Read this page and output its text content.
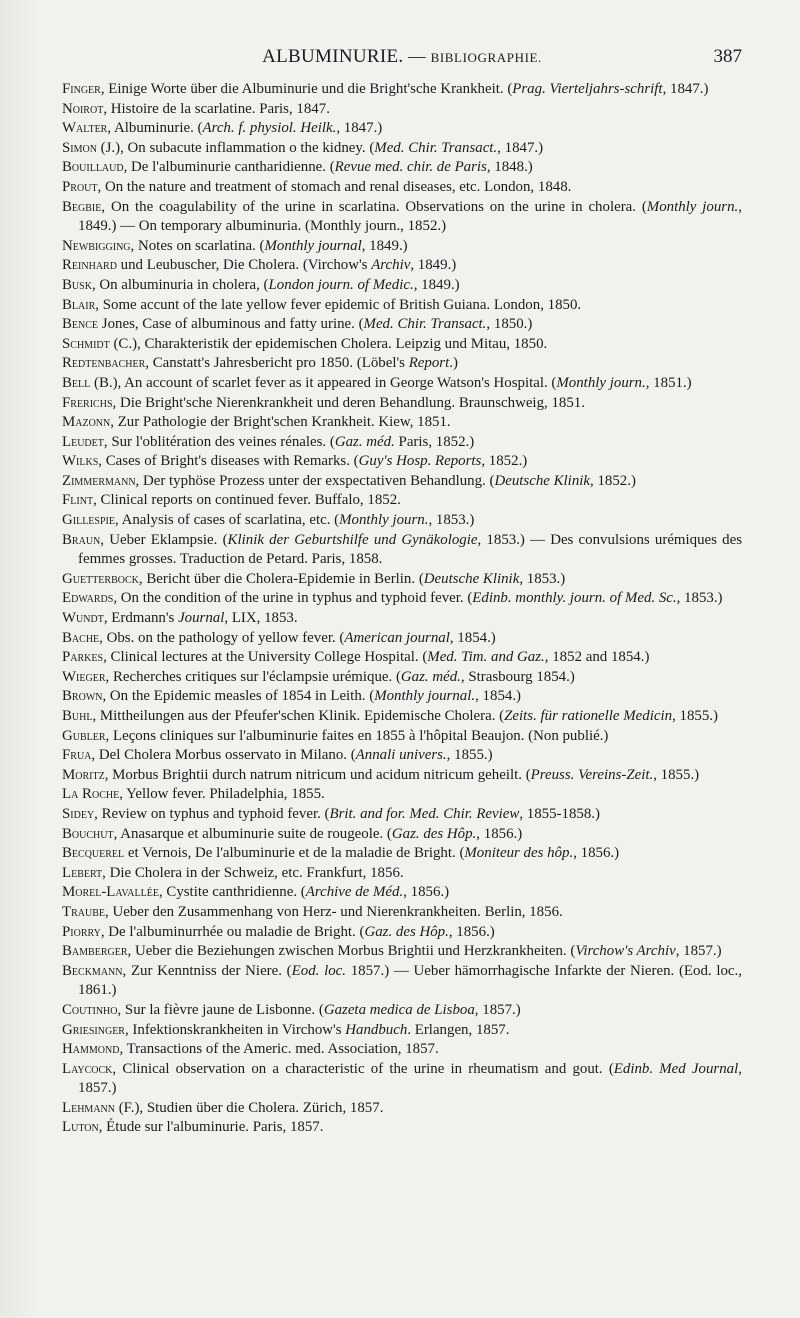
ALBUMINURIE. — BIBLIOGRAPHIE.	387
Finger, Einige Worte über die Albuminurie und die Bright'sche Krankheit. (Prag. Vierteljahrs-schrift, 1847.)
Noirot, Histoire de la scarlatine. Paris, 1847.
Walter, Albuminurie. (Arch. f. physiol. Heilk., 1847.)
Simon (J.), On subacute inflammation o the kidney. (Med. Chir. Transact., 1847.)
Bouillaud, De l'albuminurie cantharidienne. (Revue med. chir. de Paris, 1848.)
Prout, On the nature and treatment of stomach and renal diseases, etc. London, 1848.
Begbie, On the coagulability of the urine in scarlatina. Observations on the urine in cholera. (Monthly journ., 1849.) — On temporary albuminuria. (Monthly journ., 1852.)
Newbigging, Notes on scarlatina. (Monthly journal, 1849.)
Reinhard und Leubuscher, Die Cholera. (Virchow's Archiv, 1849.)
Busk, On albuminuria in cholera, (London journ. of Medic., 1849.)
Blair, Some accunt of the late yellow fever epidemic of British Guiana. London, 1850.
Bence Jones, Case of albuminous and fatty urine. (Med. Chir. Transact., 1850.)
Schmidt (C.), Charakteristik der epidemischen Cholera. Leipzig und Mitau, 1850.
Redtenbacher, Canstatt's Jahresbericht pro 1850. (Löbel's Report.)
Bell (B.), An account of scarlet fever as it appeared in George Watson's Hospital. (Monthly journ., 1851.)
Frerichs, Die Bright'sche Nierenkrankheit und deren Behandlung. Braunschweig, 1851.
Mazonn, Zur Pathologie der Bright'schen Krankheit. Kiew, 1851.
Leudet, Sur l'oblitération des veines rénales. (Gaz. méd. Paris, 1852.)
Wilks, Cases of Bright's diseases with Remarks. (Guy's Hosp. Reports, 1852.)
Zimmermann, Der typhöse Prozess unter der exspectativen Behandlung. (Deutsche Klinik, 1852.)
Flint, Clinical reports on continued fever. Buffalo, 1852.
Gillespie, Analysis of cases of scarlatina, etc. (Monthly journ., 1853.)
Braun, Ueber Eklampsie. (Klinik der Geburtshilfe und Gynäkologie, 1853.) — Des convulsions urémiques des femmes grosses. Traduction de Petard. Paris, 1858.
Guetterbock, Bericht über die Cholera-Epidemie in Berlin. (Deutsche Klinik, 1853.)
Edwards, On the condition of the urine in typhus and typhoid fever. (Edinb. monthly. journ. of Med. Sc., 1853.)
Wundt, Erdmann's Journal, LIX, 1853.
Bache, Obs. on the pathology of yellow fever. (American journal, 1854.)
Parkes, Clinical lectures at the University College Hospital. (Med. Tim. and Gaz., 1852 and 1854.)
Wieger, Recherches critiques sur l'éclampsie urémique. (Gaz. méd., Strasbourg 1854.)
Brown, On the Epidemic measles of 1854 in Leith. (Monthly journal., 1854.)
Buhl, Mittheilungen aus der Pfeufer'schen Klinik. Epidemische Cholera. (Zeits. für rationelle Medicin, 1855.)
Gubler, Leçons cliniques sur l'albuminurie faites en 1855 à l'hôpital Beaujon. (Non publié.)
Frua, Del Cholera Morbus osservato in Milano. (Annali univers., 1855.)
Moritz, Morbus Brightii durch natrum nitricum und acidum nitricum geheilt. (Preuss. Vereins-Zeit., 1855.)
La Roche, Yellow fever. Philadelphia, 1855.
Sidey, Review on typhus and typhoid fever. (Brit. and for. Med. Chir. Review, 1855-1858.)
Bouchut, Anasarque et albuminurie suite de rougeole. (Gaz. des Hôp., 1856.)
Becquerel et Vernois, De l'albuminurie et de la maladie de Bright. (Moniteur des hôp., 1856.)
Lebert, Die Cholera in der Schweiz, etc. Frankfurt, 1856.
Morel-Lavallée, Cystite canthridienne. (Archive de Méd., 1856.)
Traube, Ueber den Zusammenhang von Herz- und Nierenkrankheiten. Berlin, 1856.
Piorry, De l'albuminurrhée ou maladie de Bright. (Gaz. des Hôp., 1856.)
Bamberger, Ueber die Beziehungen zwischen Morbus Brightii und Herzkrankheiten. (Virchow's Archiv, 1857.)
Beckmann, Zur Kenntniss der Niere. (Eod. loc. 1857.) — Ueber hämorrhagische Infarkte der Nieren. (Eod. loc., 1861.)
Coutinho, Sur la fièvre jaune de Lisbonne. (Gazeta medica de Lisboa, 1857.)
Griesinger, Infektionskrankheiten in Virchow's Handbuch. Erlangen, 1857.
Hammond, Transactions of the Americ. med. Association, 1857.
Laycock, Clinical observation on a characteristic of the urine in rheumatism and gout. (Edinb. Med Journal, 1857.)
Lehmann (F.), Studien über die Cholera. Zürich, 1857.
Luton, Étude sur l'albuminurie. Paris, 1857.
